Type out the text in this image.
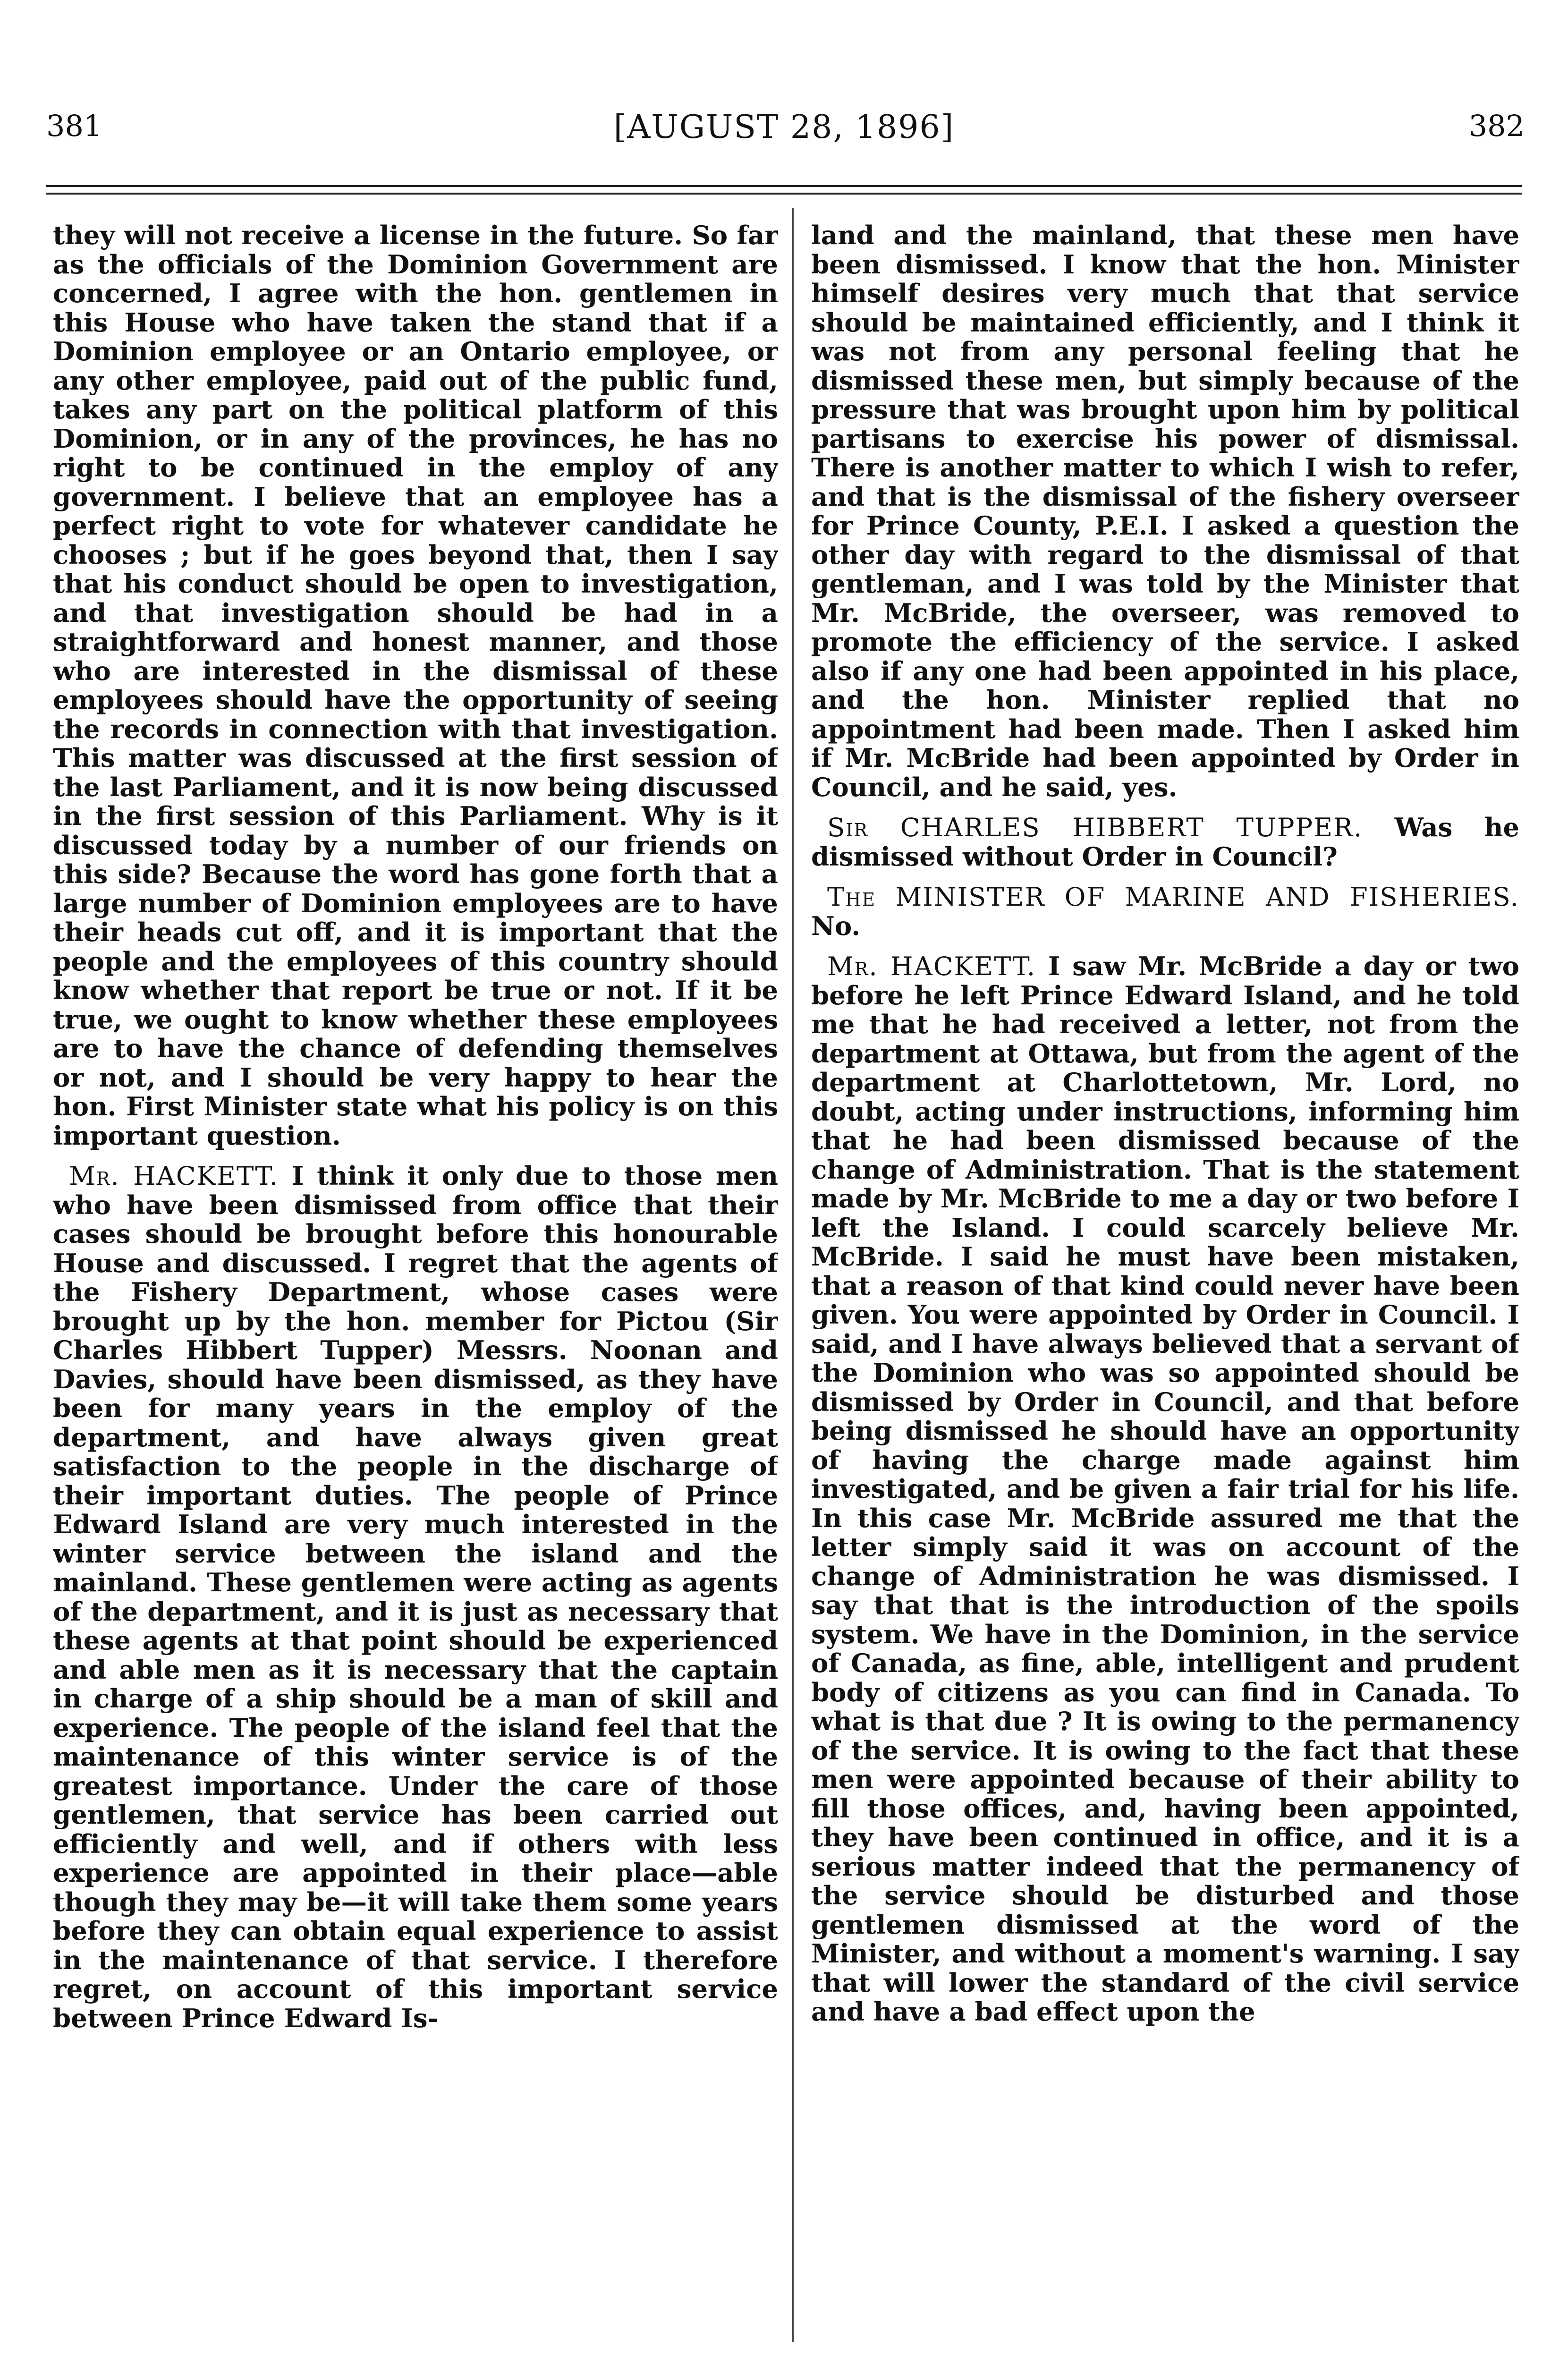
381	[AUGUST 28, 1896]	382

they will not receive a license in the future. So far as the officials of the Dominion Government are concerned, I agree with the hon. gentlemen in this House who have taken the stand that if a Dominion employee or an Ontario employee, or any other employee, paid out of the public fund, takes any part on the political platform of this Dominion, or in any of the provinces, he has no right to be continued in the employ of any government. I believe that an employee has a perfect right to vote for whatever candidate he chooses ; but if he goes beyond that, then I say that his conduct should be open to investigation, and that investigation should be had in a straightforward and honest manner, and those who are interested in the dismissal of these employees should have the opportunity of seeing the records in connection with that investigation. This matter was discussed at the first session of the last Parliament, and it is now being discussed in the first session of this Parliament. Why is it discussed today by a number of our friends on this side? Because the word has gone forth that a large number of Dominion employees are to have their heads cut off, and it is important that the people and the employees of this country should know whether that report be true or not. If it be true, we ought to know whether these employees are to have the chance of defending themselves or not, and I should be very happy to hear the hon. First Minister state what his policy is on this important question.

Mr. HACKETT. I think it only due to those men who have been dismissed from office that their cases should be brought before this honourable House and discussed. I regret that the agents of the Fishery Department, whose cases were brought up by the hon. member for Pictou (Sir Charles Hibbert Tupper) Messrs. Noonan and Davies, should have been dismissed, as they have been for many years in the employ of the department, and have always given great satisfaction to the people in the discharge of their important duties. The people of Prince Edward Island are very much interested in the winter service between the island and the mainland. These gentlemen were acting as agents of the department, and it is just as necessary that these agents at that point should be experienced and able men as it is necessary that the captain in charge of a ship should be a man of skill and experience. The people of the island feel that the maintenance of this winter service is of the greatest importance. Under the care of those gentlemen, that service has been carried out efficiently and well, and if others with less experience are appointed in their place—able though they may be—it will take them some years before they can obtain equal experience to assist in the maintenance of that service. I therefore regret, on account of this important service between Prince Edward Is-

land and the mainland, that these men have been dismissed. I know that the hon. Minister himself desires very much that that service should be maintained efficiently, and I think it was not from any personal feeling that he dismissed these men, but simply because of the pressure that was brought upon him by political partisans to exercise his power of dismissal. There is another matter to which I wish to refer, and that is the dismissal of the fishery overseer for Prince County, P.E.I. I asked a question the other day with regard to the dismissal of that gentleman, and I was told by the Minister that Mr. McBride, the overseer, was removed to promote the efficiency of the service. I asked also if any one had been appointed in his place, and the hon. Minister replied that no appointment had been made. Then I asked him if Mr. McBride had been appointed by Order in Council, and he said, yes.

Sir CHARLES HIBBERT TUPPER. Was he dismissed without Order in Council?

The MINISTER OF MARINE AND FISHERIES. No.

Mr. HACKETT. I saw Mr. McBride a day or two before he left Prince Edward Island, and he told me that he had received a letter, not from the department at Ottawa, but from the agent of the department at Charlottetown, Mr. Lord, no doubt, acting under instructions, informing him that he had been dismissed because of the change of Administration. That is the statement made by Mr. McBride to me a day or two before I left the Island. I could scarcely believe Mr. McBride. I said he must have been mistaken, that a reason of that kind could never have been given. You were appointed by Order in Council. I said, and I have always believed that a servant of the Dominion who was so appointed should be dismissed by Order in Council, and that before being dismissed he should have an opportunity of having the charge made against him investigated, and be given a fair trial for his life. In this case Mr. McBride assured me that the letter simply said it was on account of the change of Administration he was dismissed. I say that that is the introduction of the spoils system. We have in the Dominion, in the service of Canada, as fine, able, intelligent and prudent body of citizens as you can find in Canada. To what is that due ? It is owing to the permanency of the service. It is owing to the fact that these men were appointed because of their ability to fill those offices, and, having been appointed, they have been continued in office, and it is a serious matter indeed that the permanency of the service should be disturbed and those gentlemen dismissed at the word of the Minister, and without a moment's warning. I say that will lower the standard of the civil service and have a bad effect upon the
